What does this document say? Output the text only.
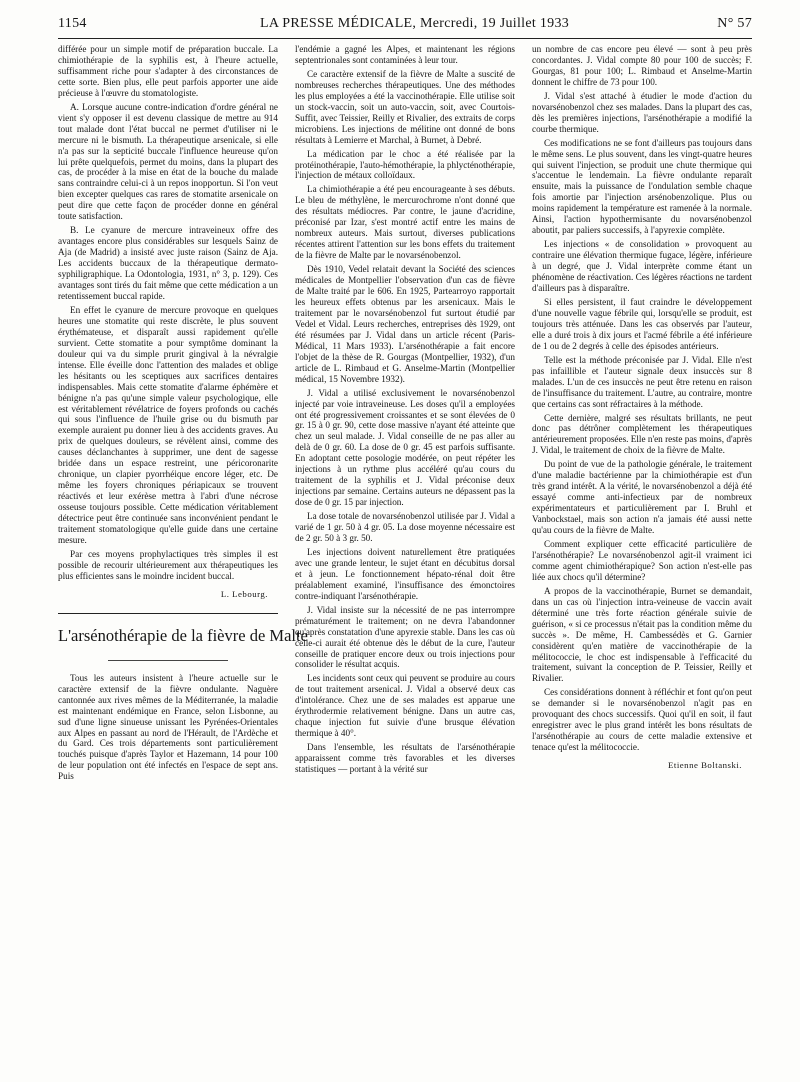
1154	LA PRESSE MÉDICALE, Mercredi, 19 Juillet 1933	N° 57

différée pour un simple motif de préparation buccale. La chimiothérapie de la syphilis est, à l'heure actuelle, suffisamment riche pour s'adapter à des circonstances de cette sorte. Bien plus, elle peut parfois apporter une aide précieuse à l'œuvre du stomatologiste.

A. Lorsque aucune contre-indication d'ordre général ne vient s'y opposer il est devenu classique de mettre au 914 tout malade dont l'état buccal ne permet d'utiliser ni le mercure ni le bismuth. La thérapeutique arsenicale, si elle n'a pas sur la septicité buccale l'influence heureuse qu'on lui prête quelquefois, permet du moins, dans la plupart des cas, de procéder à la mise en état de la bouche du malade sans contraindre celui-ci à un repos inopportun. Si l'on veut bien excepter quelques cas rares de stomatite arsenicale on peut dire que cette façon de procéder donne en général toute satisfaction.

B. Le cyanure de mercure intraveineux offre des avantages encore plus considérables sur lesquels Sainz de Aja (de Madrid) a insisté avec juste raison (Sainz de Aja. Les accidents buccaux de la thérapeutique dermato-syphiligraphique. La Odontologia, 1931, n° 3, p. 129). Ces avantages sont tirés du fait même que cette médication a un retentissement buccal rapide.

En effet le cyanure de mercure provoque en quelques heures une stomatite qui reste discrète, le plus souvent érythémateuse, et disparaît aussi rapidement qu'elle survient. Cette stomatite a pour symptôme dominant la douleur qui va du simple prurit gingival à la névralgie intense. Elle éveille donc l'attention des malades et oblige les hésitants ou les sceptiques aux sacrifices dentaires indispensables. Mais cette stomatite d'alarme éphémère et bénigne n'a pas qu'une simple valeur psychologique, elle est véritablement révélatrice de foyers profonds ou cachés qui sous l'influence de l'huile grise ou du bismuth par exemple auraient pu donner lieu à des accidents graves. Au prix de quelques douleurs, se révèlent ainsi, comme des causes déclanchantes à supprimer, une dent de sagesse bridée dans un espace restreint, une péricoronarite chronique, un clapier pyorrhéique encore léger, etc. De même les foyers chroniques périapicaux se trouvent réactivés et leur exérèse mettra à l'abri d'une nécrose osseuse toujours possible. Cette médication véritablement détectrice peut être continuée sans inconvénient pendant le traitement stomatologique qu'elle guide dans une certaine mesure.

Par ces moyens prophylactiques très simples il est possible de recourir ultérieurement aux thérapeutiques les plus efficientes sans le moindre incident buccal.

L. Lebourg.
L'arsénothérapie de la fièvre de Malte

Tous les auteurs insistent à l'heure actuelle sur le caractère extensif de la fièvre ondulante. Naguère cantonnée aux rives mêmes de la Méditerranée, la maladie est maintenant endémique en France, selon Lisbonne, au sud d'une ligne sinueuse unissant les Pyrénées-Orientales aux Alpes en passant au nord de l'Hérault, de l'Ardèche et du Gard. Ces trois départements sont particulièrement touchés puisque d'après Taylor et Hazemann, 14 pour 100 de leur population ont été infectés en l'espace de sept ans. Puis

l'endémie a gagné les Alpes, et maintenant les régions septentrionales sont contaminées à leur tour.

Ce caractère extensif de la fièvre de Malte a suscité de nombreuses recherches thérapeutiques. Une des méthodes les plus employées a été la vaccinothérapie. Elle utilise soit un stock-vaccin, soit un auto-vaccin, soit, avec Courtois-Suffit, avec Teissier, Reilly et Rivalier, des extraits de corps microbiens. Les injections de mélitine ont donné de bons résultats à Lemierre et Marchal, à Burnet, à Debré.

La médication par le choc a été réalisée par la protéinothérapie, l'auto-hémothérapie, la phlycténothérapie, l'injection de métaux colloïdaux.

La chimiothérapie a été peu encourageante à ses débuts. Le bleu de méthylène, le mercurochrome n'ont donné que des résultats médiocres. Par contre, le jaune d'acridine, préconisé par Izar, s'est montré actif entre les mains de nombreux auteurs. Mais surtout, diverses publications récentes attirent l'attention sur les bons effets du traitement de la fièvre de Malte par le novarsénobenzol.

Dès 1910, Vedel relatait devant la Société des sciences médicales de Montpellier l'observation d'un cas de fièvre de Malte traité par le 606. En 1925, Partearroyo rapportait les heureux effets obtenus par les arsenicaux. Mais le traitement par le novarsénobenzol fut surtout étudié par Vedel et Vidal. Leurs recherches, entreprises dès 1929, ont été résumées par J. Vidal dans un article récent (Paris-Médical, 11 Mars 1933). L'arsénothérapie a fait encore l'objet de la thèse de R. Gourgas (Montpellier, 1932), d'un article de L. Rimbaud et G. Anselme-Martin (Montpellier médical, 15 Novembre 1932).

J. Vidal a utilisé exclusivement le novarsénobenzol injecté par voie intraveineuse. Les doses qu'il a employées ont été progressivement croissantes et se sont élevées de 0 gr. 15 à 0 gr. 90, cette dose massive n'ayant été atteinte que chez un seul malade. J. Vidal conseille de ne pas aller au delà de 0 gr. 60. La dose de 0 gr. 45 est parfois suffisante. En adoptant cette posologie modérée, on peut répéter les injections à un rythme plus accéléré qu'au cours du traitement de la syphilis et J. Vidal préconise deux injections par semaine. Certains auteurs ne dépassent pas la dose de 0 gr. 15 par injection.

La dose totale de novarsénobenzol utilisée par J. Vidal a varié de 1 gr. 50 à 4 gr. 05. La dose moyenne nécessaire est de 2 gr. 50 à 3 gr. 50.

Les injections doivent naturellement être pratiquées avec une grande lenteur, le sujet étant en décubitus dorsal et à jeun. Le fonctionnement hépato-rénal doit être préalablement examiné, l'insuffisance des émonctoires contre-indiquant l'arsénothérapie.

J. Vidal insiste sur la nécessité de ne pas interrompre prématurément le traitement; on ne devra l'abandonner qu'après constatation d'une apyrexie stable. Dans les cas où celle-ci aurait été obtenue dès le début de la cure, l'auteur conseille de pratiquer encore deux ou trois injections pour consolider le résultat acquis.

Les incidents sont ceux qui peuvent se produire au cours de tout traitement arsenical. J. Vidal a observé deux cas d'intolérance. Chez une de ses malades est apparue une érythrodermie relativement bénigne. Dans un autre cas, chaque injection fut suivie d'une brusque élévation thermique à 40°.

Dans l'ensemble, les résultats de l'arsénothérapie apparaissent comme très favorables et les diverses statistiques — portant à la vérité sur

un nombre de cas encore peu élevé — sont à peu près concordantes. J. Vidal compte 80 pour 100 de succès; F. Gourgas, 81 pour 100; L. Rimbaud et Anselme-Martin donnent le chiffre de 73 pour 100.

J. Vidal s'est attaché à étudier le mode d'action du novarsénobenzol chez ses malades. Dans la plupart des cas, dès les premières injections, l'arsénothérapie a modifié la courbe thermique.

Ces modifications ne se font d'ailleurs pas toujours dans le même sens. Le plus souvent, dans les vingt-quatre heures qui suivent l'injection, se produit une chute thermique qui s'accentue le lendemain. La fièvre ondulante reparaît ensuite, mais la puissance de l'ondulation semble chaque fois amortie par l'injection arsénobenzolique. Plus ou moins rapidement la température est ramenée à la normale. Ainsi, l'action hypothermisante du novarsénobenzol aboutit, par paliers successifs, à l'apyrexie complète.

Les injections « de consolidation » provoquent au contraire une élévation thermique fugace, légère, inférieure à un degré, que J. Vidal interprète comme étant un phénomène de réactivation. Ces légères réactions ne tardent d'ailleurs pas à disparaître.

Si elles persistent, il faut craindre le développement d'une nouvelle vague fébrile qui, lorsqu'elle se produit, est toujours très atténuée. Dans les cas observés par l'auteur, elle a duré trois à dix jours et l'acmé fébrile a été inférieure de 1 ou de 2 degrés à celle des épisodes antérieurs.

Telle est la méthode préconisée par J. Vidal. Elle n'est pas infaillible et l'auteur signale deux insuccès sur 8 malades. L'un de ces insuccès ne peut être retenu en raison de l'insuffisance du traitement. L'autre, au contraire, montre que certains cas sont réfractaires à la méthode.

Cette dernière, malgré ses résultats brillants, ne peut donc pas détrôner complètement les thérapeutiques antérieurement proposées. Elle n'en reste pas moins, d'après J. Vidal, le traitement de choix de la fièvre de Malte.

Du point de vue de la pathologie générale, le traitement d'une maladie bactérienne par la chimiothérapie est d'un très grand intérêt. A la vérité, le novarsénobenzol a déjà été essayé comme anti-infectieux par de nombreux expérimentateurs et particulièrement par I. Bruhl et Vanbockstael, mais son action n'a jamais été aussi nette qu'au cours de la fièvre de Malte.

Comment expliquer cette efficacité particulière de l'arsénothérapie? Le novarsénobenzol agit-il vraiment ici comme agent chimiothérapique? Son action n'est-elle pas liée aux chocs qu'il détermine?

A propos de la vaccinothérapie, Burnet se demandait, dans un cas où l'injection intra-veineuse de vaccin avait déterminé une très forte réaction générale suivie de guérison, « si ce processus n'était pas la condition même du succès ». De même, H. Cambessédès et G. Garnier considèrent qu'en matière de vaccinothérapie de la mélitococcie, le choc est indispensable à l'efficacité du traitement, suivant la conception de P. Teissier, Reilly et Rivalier.

Ces considérations donnent à réfléchir et font qu'on peut se demander si le novarsénobenzol n'agit pas en provoquant des chocs successifs. Quoi qu'il en soit, il faut enregistrer avec le plus grand intérêt les bons résultats de l'arsénothérapie au cours de cette maladie extensive et tenace qu'est la mélitococcie.

Etienne Boltanski.
